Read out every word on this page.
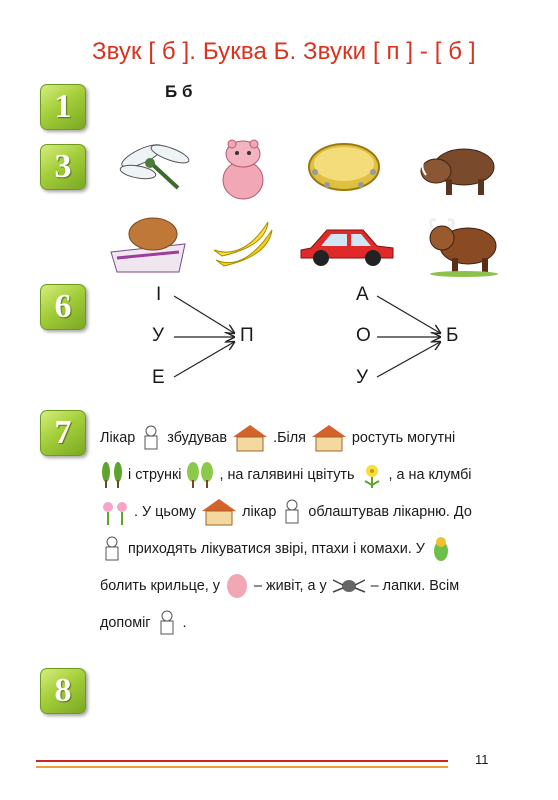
Звук [ б ]. Буква Б. Звуки [ п ] - [ б ]
1
3
6
7
8
Б б
І
У
Е
П
А
О
У
Б

Лікар збудував	.Біля	ростуть могутні

і стрункі	, на галявині цвітуть , а на клумбі

. У цьому	лікар облаштував лікарню. До

приходять лікуватися звірі, птахи і комахи. У

болить крильце, у – живіт, а у	– лапки. Всім

допоміг .

11
